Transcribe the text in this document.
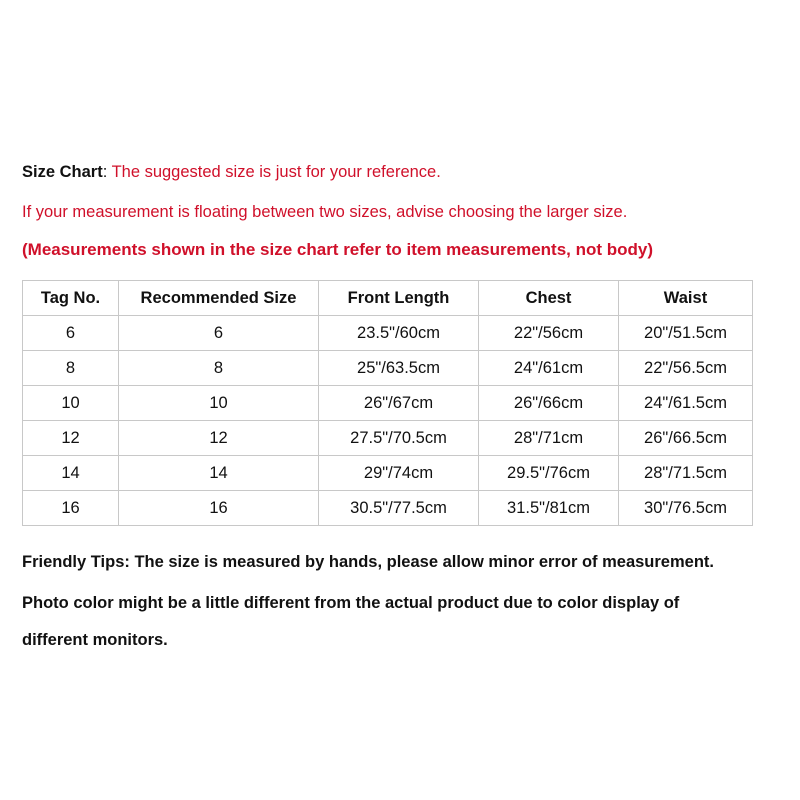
Size Chart: The suggested size is just for your reference.
If your measurement is floating between two sizes, advise choosing the larger size.
(Measurements shown in the size chart refer to item measurements, not body)
Tag No.	Recommended Size	Front Length	Chest	Waist
6	6	23.5"/60cm	22"/56cm	20"/51.5cm
8	8	25"/63.5cm	24"/61cm	22"/56.5cm
10	10	26"/67cm	26"/66cm	24"/61.5cm
12	12	27.5"/70.5cm	28"/71cm	26"/66.5cm
14	14	29"/74cm	29.5"/76cm	28"/71.5cm
16	16	30.5"/77.5cm	31.5"/81cm	30"/76.5cm
Friendly Tips: The size is measured by hands, please allow minor error of measurement.
Photo color might be a little different from the actual product due to color display of
different monitors.
